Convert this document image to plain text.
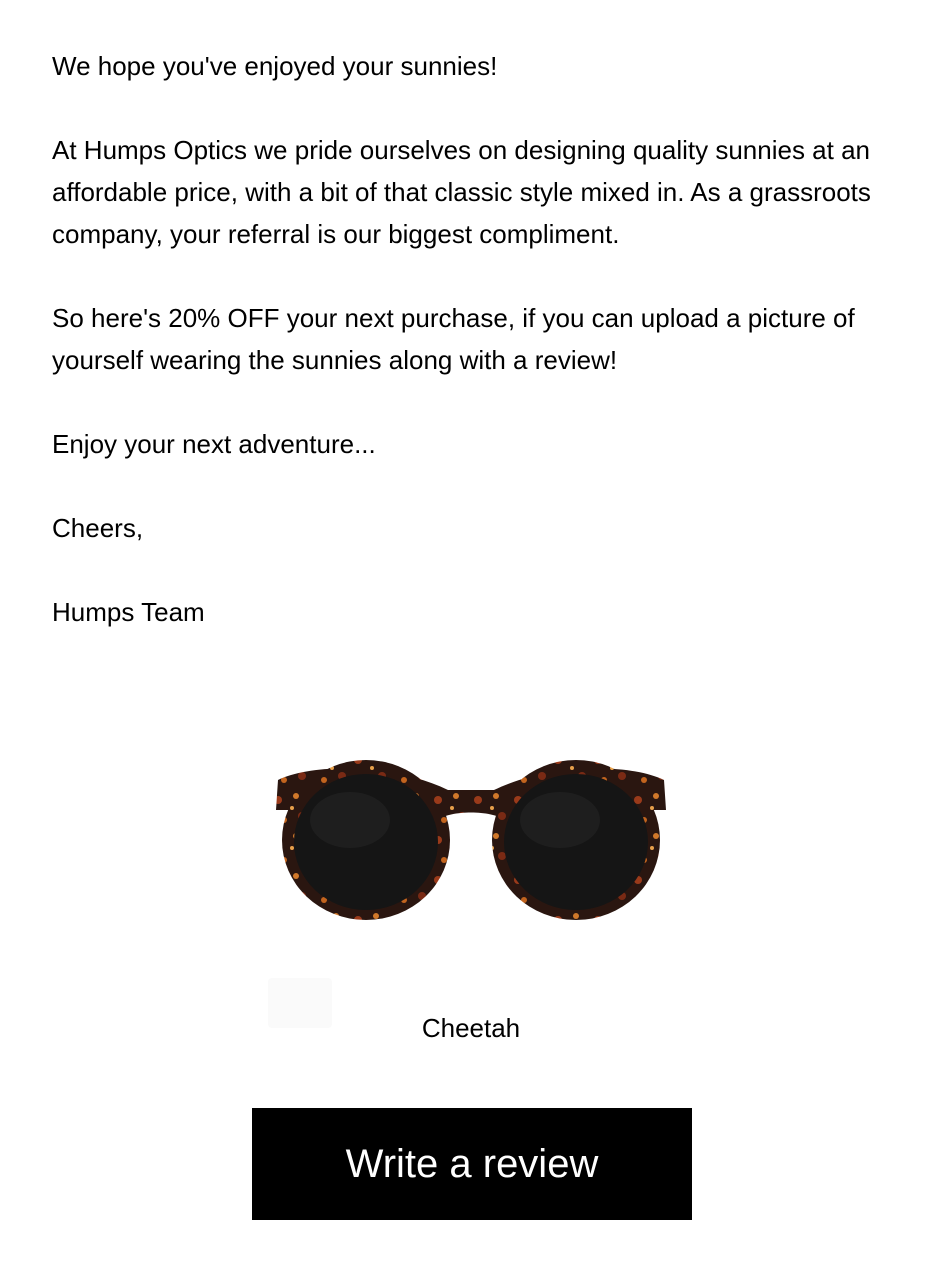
We hope you've enjoyed your sunnies!

At Humps Optics we pride ourselves on designing quality sunnies at an affordable price, with a bit of that classic style mixed in. As a grassroots company, your referral is our biggest compliment.

So here's 20% OFF your next purchase, if you can upload a picture of yourself wearing the sunnies along with a review!

Enjoy your next adventure...

Cheers,

Humps Team

Cheetah
Write a review
